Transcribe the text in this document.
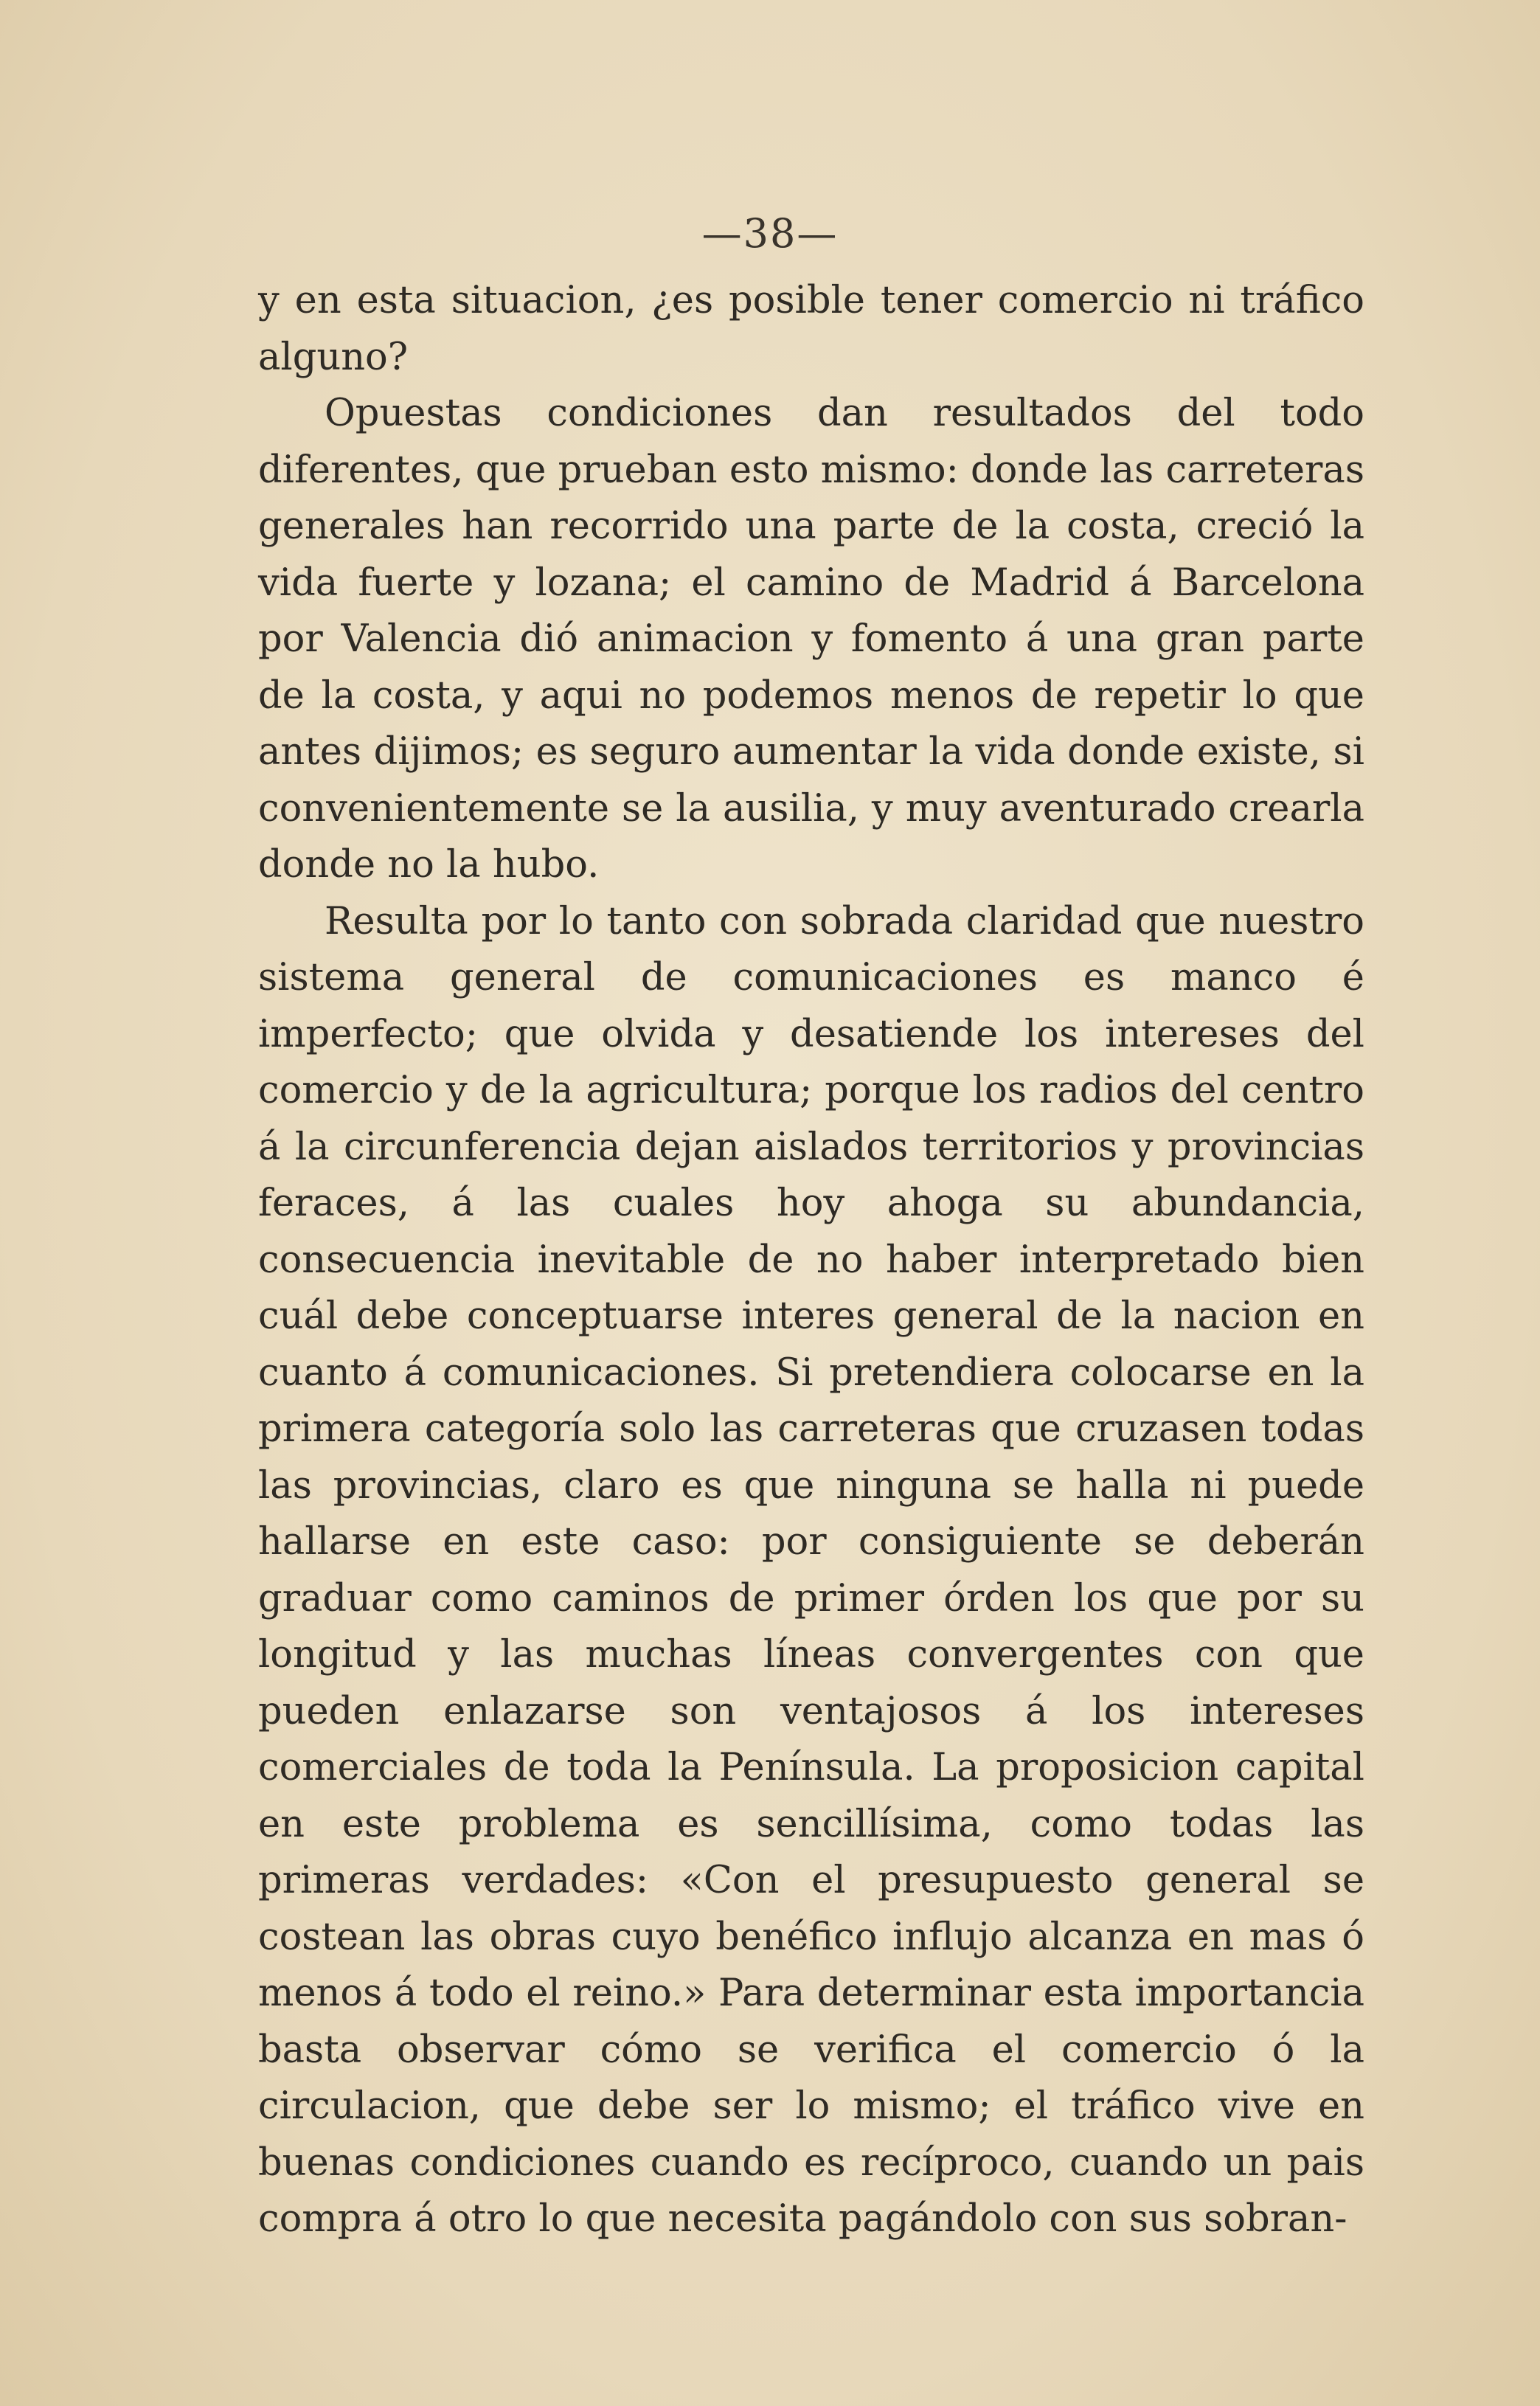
—38—

y en esta situacion, ¿es posible tener comercio ni tráfico alguno?

Opuestas condiciones dan resultados del todo diferentes, que prueban esto mismo: donde las carreteras generales han recorrido una parte de la costa, creció la vida fuerte y lozana; el camino de Madrid á Barcelona por Valencia dió animacion y fomento á una gran parte de la costa, y aqui no podemos menos de repetir lo que antes dijimos; es seguro aumentar la vida donde existe, si convenientemente se la ausilia, y muy aventurado crearla donde no la hubo.

Resulta por lo tanto con sobrada claridad que nuestro sistema general de comunicaciones es manco é imperfecto; que olvida y desatiende los intereses del comercio y de la agricultura; porque los radios del centro á la circunferencia dejan aislados territorios y provincias feraces, á las cuales hoy ahoga su abundancia, consecuencia inevitable de no haber interpretado bien cuál debe conceptuarse interes general de la nacion en cuanto á comunicaciones. Si pretendiera colocarse en la primera categoría solo las carreteras que cruzasen todas las provincias, claro es que ninguna se halla ni puede hallarse en este caso: por consiguiente se deberán graduar como caminos de primer órden los que por su longitud y las muchas líneas convergentes con que pueden enlazarse son ventajosos á los intereses comerciales de toda la Península. La proposicion capital en este problema es sencillísima, como todas las primeras verdades: «Con el presupuesto general se costean las obras cuyo benéfico influjo alcanza en mas ó menos á todo el reino.» Para determinar esta importancia basta observar cómo se verifica el comercio ó la circulacion, que debe ser lo mismo; el tráfico vive en buenas condiciones cuando es recíproco, cuando un pais compra á otro lo que necesita pagándolo con sus sobran-
